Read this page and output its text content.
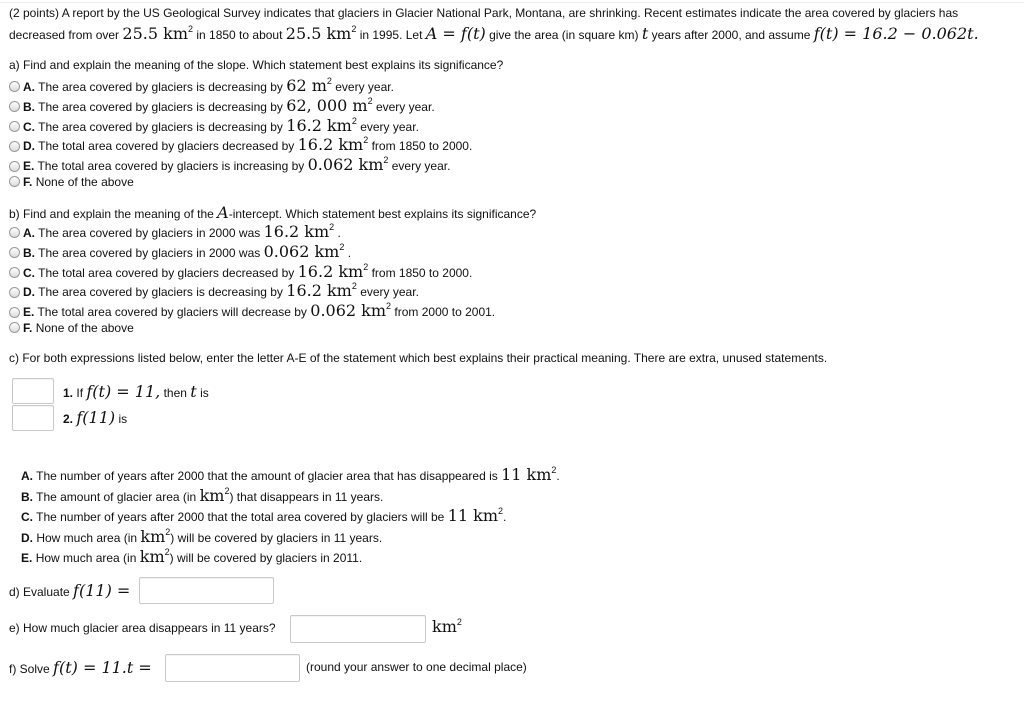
(2 points) A report by the US Geological Survey indicates that glaciers in Glacier National Park, Montana, are shrinking. Recent estimates indicate the area covered by glaciers has
decreased from over 25.5 $km^2$ in 1850 to about 25.5 $km^2$ in 1995. Let A = f(t) give the area (in square km) t years after 2000, and assume f(t) = 16.2 − 0.062t.
a) Find and explain the meaning of the slope. Which statement best explains its significance?
A. The area covered by glaciers is decreasing by 62 $m^2$ every year.
B. The area covered by glaciers is decreasing by 62, 000 $m^2$ every year.
C. The area covered by glaciers is decreasing by 16.2 $km^2$ every year.
D. The total area covered by glaciers decreased by 16.2 $km^2$ from 1850 to 2000.
E. The total area covered by glaciers is increasing by 0.062 $km^2$ every year.
F. None of the above
b) Find and explain the meaning of the A-intercept. Which statement best explains its significance?
A. The area covered by glaciers in 2000 was 16.2 $km^2$ .
B. The area covered by glaciers in 2000 was 0.062 $km^2$ .
C. The total area covered by glaciers decreased by 16.2 $km^2$ from 1850 to 2000.
D. The area covered by glaciers is decreasing by 16.2 $km^2$ every year.
E. The total area covered by glaciers will decrease by 0.062 $km^2$ from 2000 to 2001.
F. None of the above
c) For both expressions listed below, enter the letter A-E of the statement which best explains their practical meaning. There are extra, unused statements.
1. If f(t) = 11, then t is
2. f(11) is
A. The number of years after 2000 that the amount of glacier area that has disappeared is 11 $km^2$.
B. The amount of glacier area (in $km^2$) that disappears in 11 years.
C. The number of years after 2000 that the total area covered by glaciers will be 11 $km^2$.
D. How much area (in $km^2$) will be covered by glaciers in 11 years.
E. How much area (in $km^2$) will be covered by glaciers in 2011.
d) Evaluate f(11) =
e) How much glacier area disappears in 11 years?	$km^2$
f) Solve f(t) = 11.t =	(round your answer to one decimal place)
